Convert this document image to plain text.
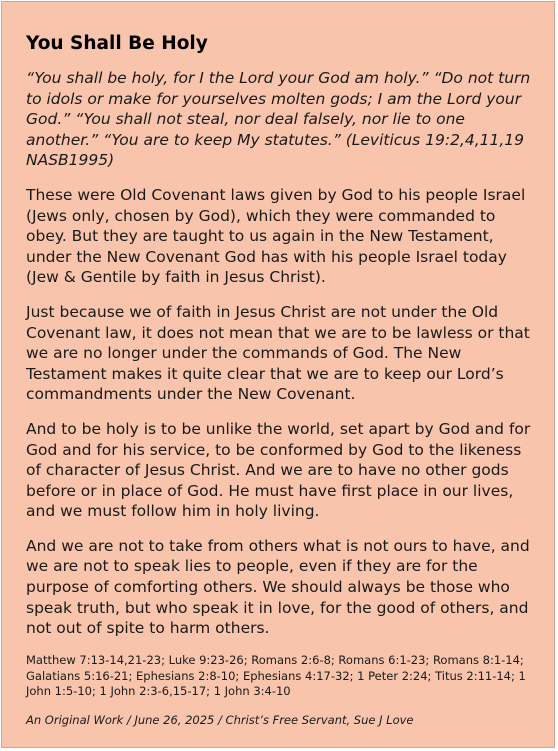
You Shall Be Holy

“You shall be holy, for I the Lord your God am holy.” “Do not turn to idols or make for yourselves molten gods; I am the Lord your God.” “You shall not steal, nor deal falsely, nor lie to one another.” “You are to keep My statutes.” (Leviticus 19:2,4,11,19 NASB1995)

These were Old Covenant laws given by God to his people Israel (Jews only, chosen by God), which they were commanded to obey. But they are taught to us again in the New Testament, under the New Covenant God has with his people Israel today (Jew & Gentile by faith in Jesus Christ).

Just because we of faith in Jesus Christ are not under the Old Covenant law, it does not mean that we are to be lawless or that we are no longer under the commands of God. The New Testament makes it quite clear that we are to keep our Lord’s commandments under the New Covenant.

And to be holy is to be unlike the world, set apart by God and for God and for his service, to be conformed by God to the likeness of character of Jesus Christ. And we are to have no other gods before or in place of God. He must have first place in our lives, and we must follow him in holy living.

And we are not to take from others what is not ours to have, and we are not to speak lies to people, even if they are for the purpose of comforting others. We should always be those who speak truth, but who speak it in love, for the good of others, and not out of spite to harm others.

Matthew 7:13-14,21-23; Luke 9:23-26; Romans 2:6-8; Romans 6:1-23; Romans 8:1-14; Galatians 5:16-21; Ephesians 2:8-10; Ephesians 4:17-32; 1 Peter 2:24; Titus 2:11-14; 1 John 1:5-10; 1 John 2:3-6,15-17; 1 John 3:4-10

An Original Work / June 26, 2025 / Christ’s Free Servant, Sue J Love
